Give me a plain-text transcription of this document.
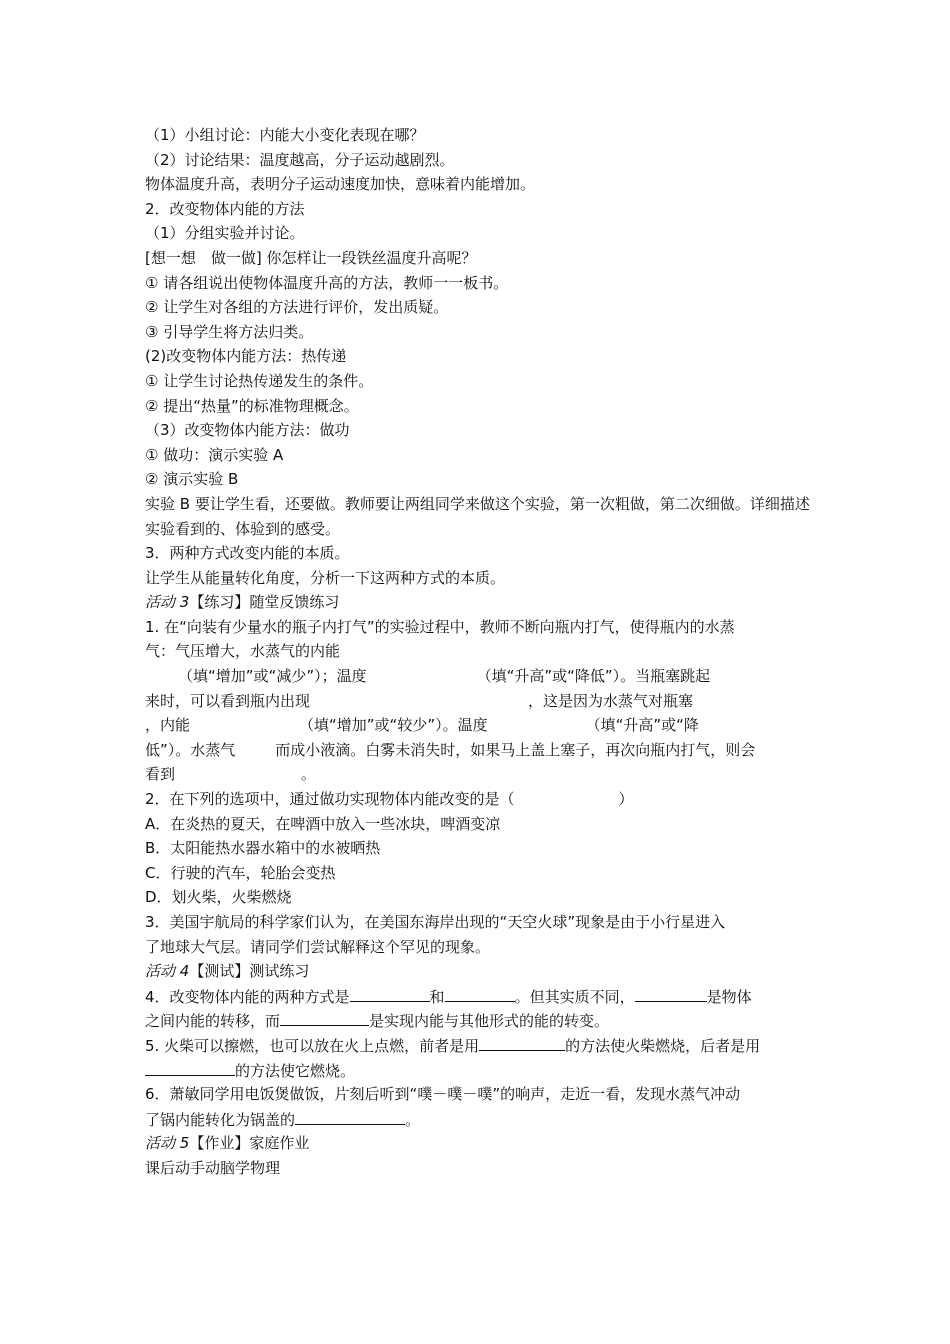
（1）小组讨论：内能大小变化表现在哪？
（2）讨论结果：温度越高，分子运动越剧烈。
物体温度升高，表明分子运动速度加快，意味着内能增加。
2．改变物体内能的方法
（1）分组实验并讨论。
[想一想　做一做] 你怎样让一段铁丝温度升高呢？
① 请各组说出使物体温度升高的方法，教师一一板书。
② 让学生对各组的方法进行评价，发出质疑。
③ 引导学生将方法归类。
(2)改变物体内能方法：热传递
① 让学生讨论热传递发生的条件。
② 提出“热量”的标准物理概念。
（3）改变物体内能方法：做功
① 做功：演示实验 A
② 演示实验 B
实验 B 要让学生看，还要做。教师要让两组同学来做这个实验，第一次粗做，第二次细做。详细描述实验看到的、体验到的感受。
3．两种方式改变内能的本质。
让学生从能量转化角度，分析一下这两种方式的本质。
活动 3【练习】随堂反馈练习
1. 在“向装有少量水的瓶子内打气”的实验过程中，教师不断向瓶内打气，使得瓶内的水蒸
气：气压增大，水蒸气的内能
（填“增加”或“减少”）；温度	（填“升高”或“降低”）。当瓶塞跳起
来时，可以看到瓶内出现	，这是因为水蒸气对瓶塞
，内能	（填“增加”或“较少”）。温度	（填“升高”或“降
低”）。水蒸气	而成小液滴。白雾未消失时，如果马上盖上塞子，再次向瓶内打气，则会
看到	。
2．在下列的选项中，通过做功实现物体内能改变的是（	）
A．在炎热的夏天，在啤酒中放入一些冰块，啤酒变凉
B．太阳能热水器水箱中的水被晒热
C．行驶的汽车，轮胎会变热
D．划火柴，火柴燃烧
3．美国宇航局的科学家们认为，在美国东海岸出现的“天空火球”现象是由于小行星进入
了地球大气层。请同学们尝试解释这个罕见的现象。
活动 4【测试】测试练习
4．改变物体内能的两种方式是	和	。但其实质不同，	是物体
之间内能的转移，而	是实现内能与其他形式的能的转变。
5. 火柴可以擦燃，也可以放在火上点燃，前者是用	的方法使火柴燃烧，后者是用
的方法使它燃烧。
6．萧敏同学用电饭煲做饭，片刻后听到“噗－噗－噗”的响声，走近一看，发现水蒸气冲动
了锅内能转化为锅盖的	。
活动 5【作业】家庭作业
课后动手动脑学物理
